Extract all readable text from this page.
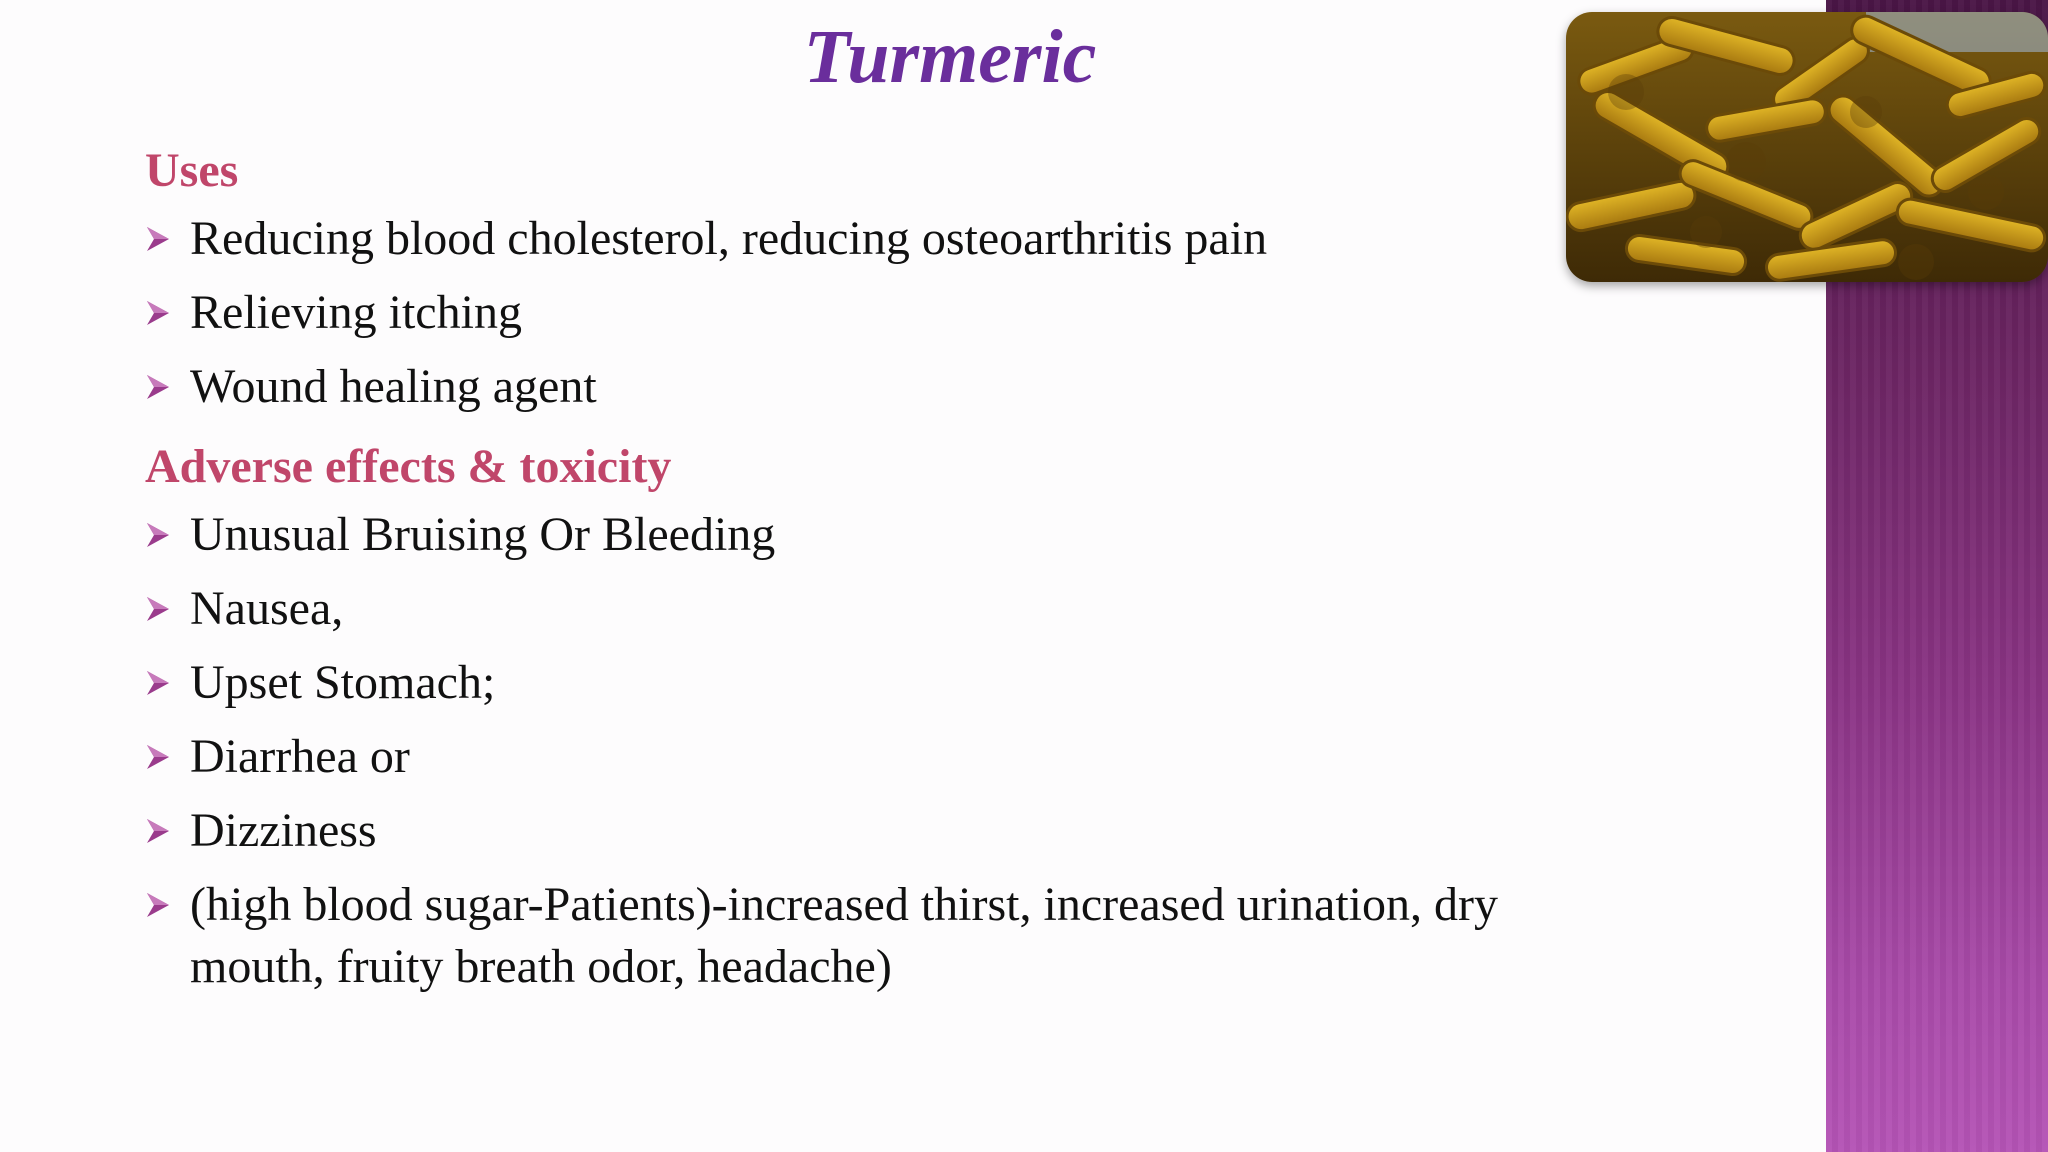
Turmeric
Uses
Reducing blood cholesterol, reducing osteoarthritis pain
Relieving itching
Wound healing agent
Adverse effects & toxicity
Unusual Bruising Or Bleeding
Nausea,
Upset Stomach;
Diarrhea or
Dizziness
(high blood sugar-Patients)-increased thirst, increased urination, dry mouth, fruity breath odor, headache)
